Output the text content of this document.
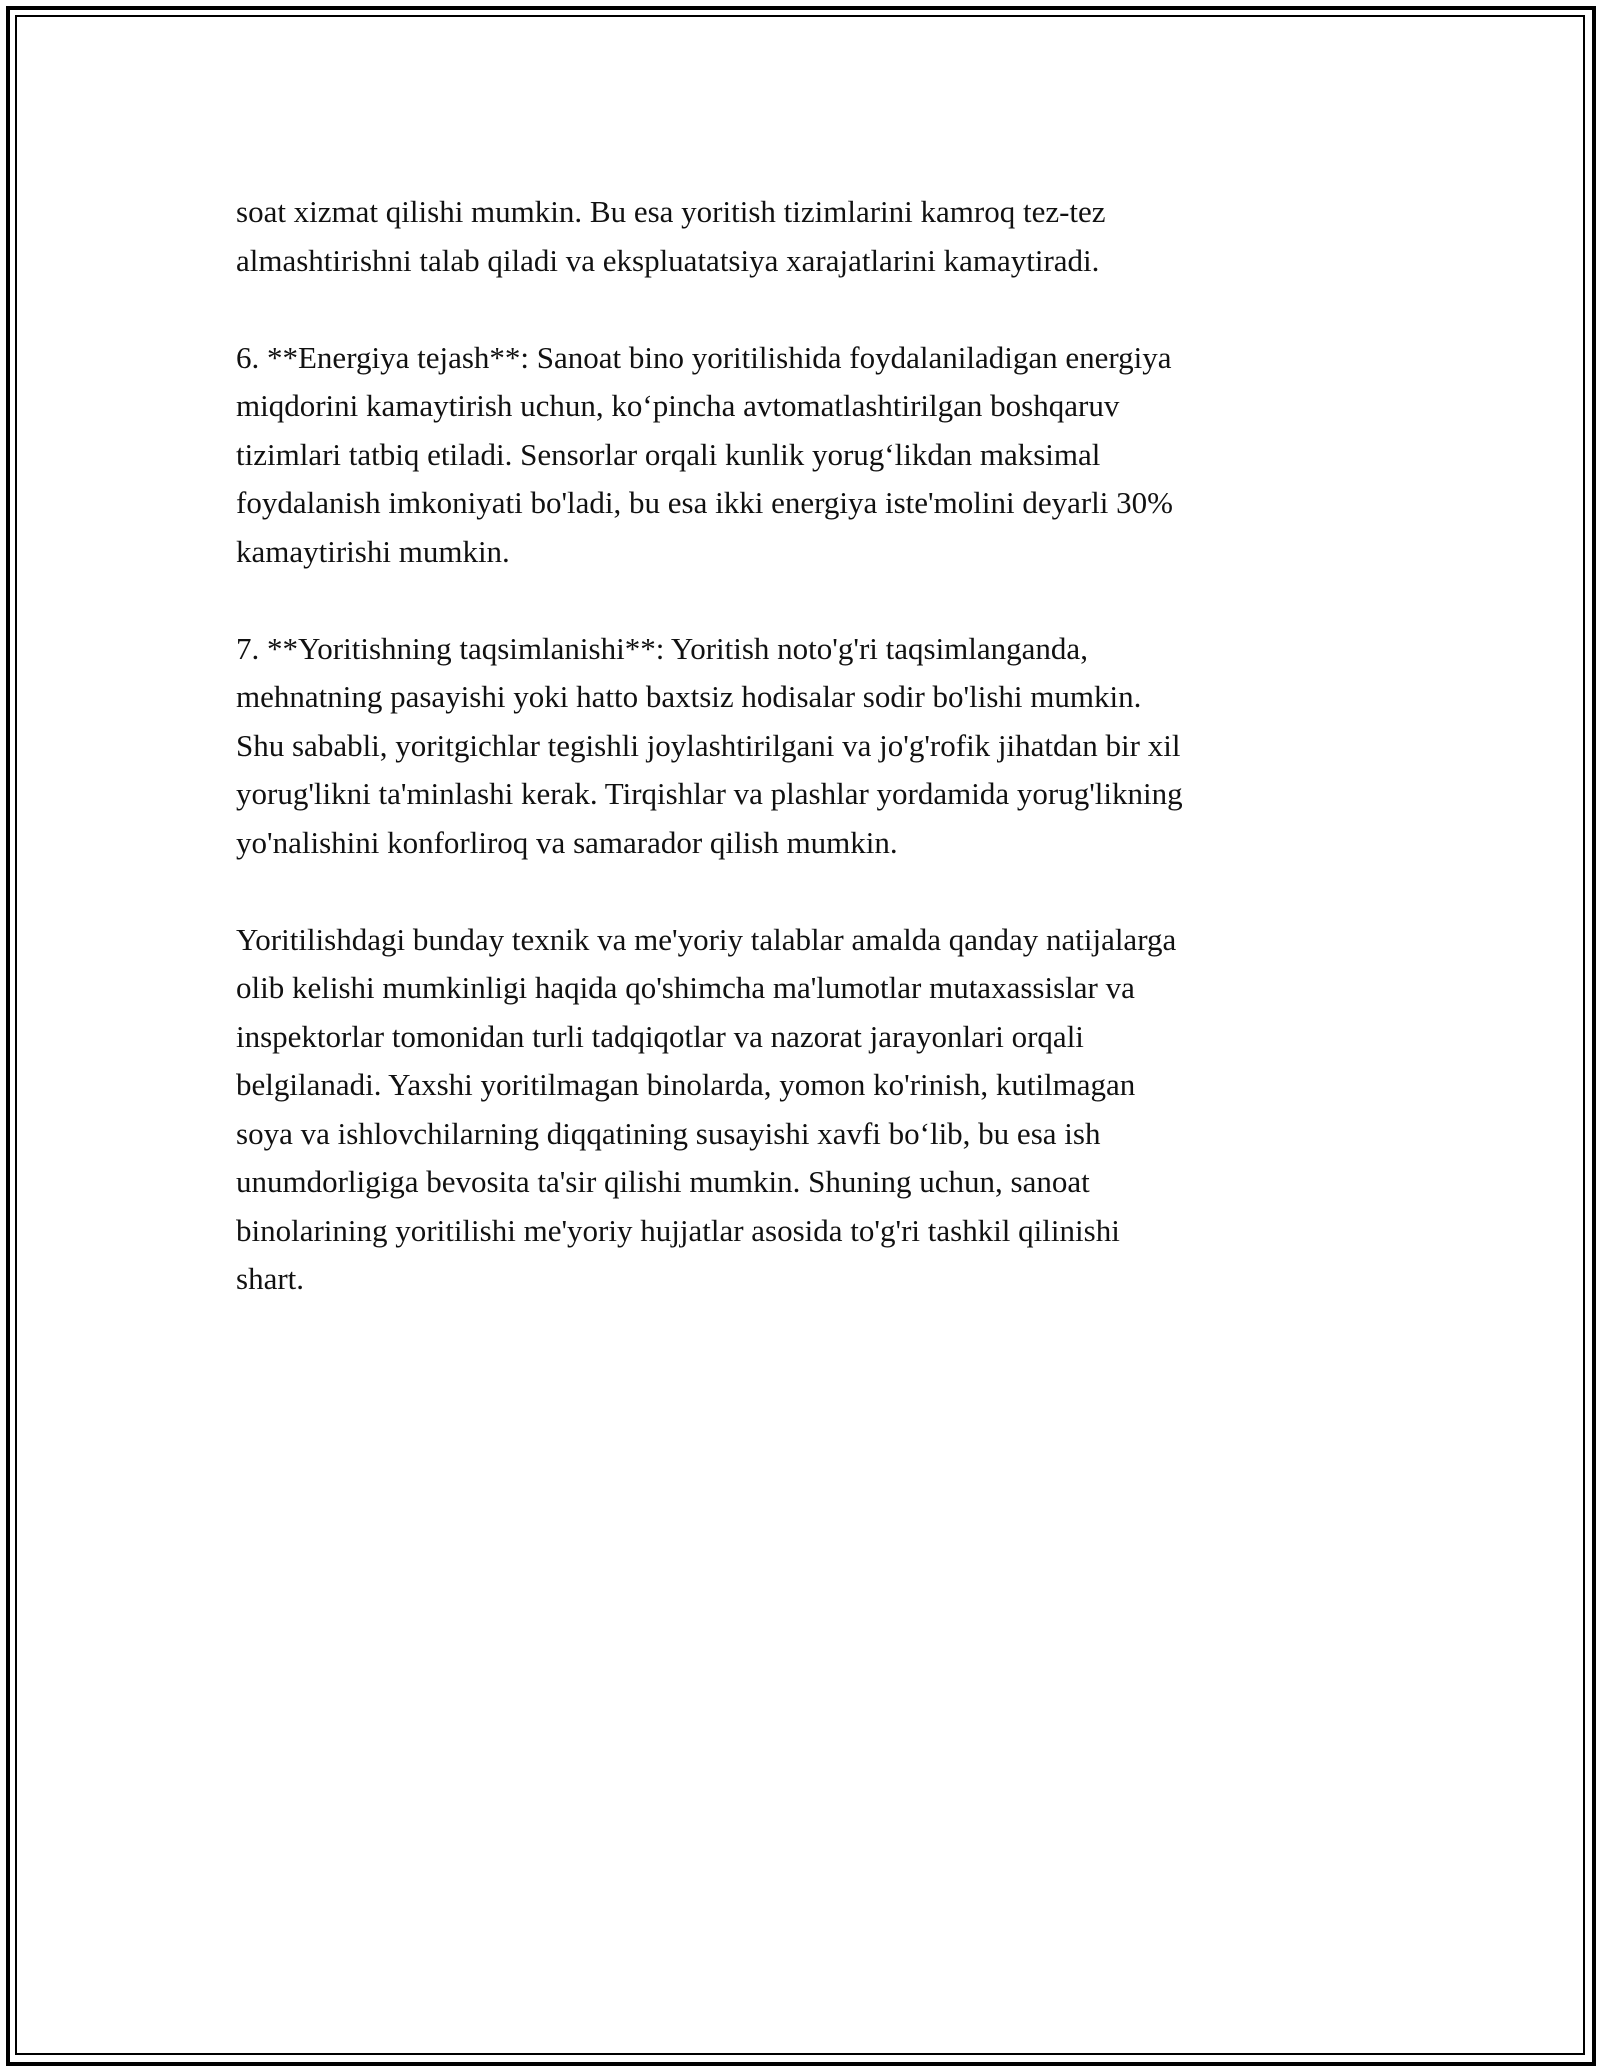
soat xizmat qilishi mumkin. Bu esa yoritish tizimlarini kamroq tez-tez
almashtirishni talab qiladi va ekspluatatsiya xarajatlarini kamaytiradi.

6. **Energiya tejash**: Sanoat bino yoritilishida foydalaniladigan energiya
miqdorini kamaytirish uchun, ko‘pincha avtomatlashtirilgan boshqaruv
tizimlari tatbiq etiladi. Sensorlar orqali kunlik yorug‘likdan maksimal
foydalanish imkoniyati bo'ladi, bu esa ikki energiya iste'molini deyarli 30%
kamaytirishi mumkin.

7. **Yoritishning taqsimlanishi**: Yoritish noto'g'ri taqsimlanganda,
mehnatning pasayishi yoki hatto baxtsiz hodisalar sodir bo'lishi mumkin.
Shu sababli, yoritgichlar tegishli joylashtirilgani va jo'g'rofik jihatdan bir xil
yorug'likni ta'minlashi kerak. Tirqishlar va plashlar yordamida yorug'likning
yo'nalishini konforliroq va samarador qilish mumkin.

Yoritilishdagi bunday texnik va me'yoriy talablar amalda qanday natijalarga
olib kelishi mumkinligi haqida qo'shimcha ma'lumotlar mutaxassislar va
inspektorlar tomonidan turli tadqiqotlar va nazorat jarayonlari orqali
belgilanadi. Yaxshi yoritilmagan binolarda, yomon ko'rinish, kutilmagan
soya va ishlovchilarning diqqatining susayishi xavfi bo‘lib, bu esa ish
unumdorligiga bevosita ta'sir qilishi mumkin. Shuning uchun, sanoat
binolarining yoritilishi me'yoriy hujjatlar asosida to'g'ri tashkil qilinishi
shart.
